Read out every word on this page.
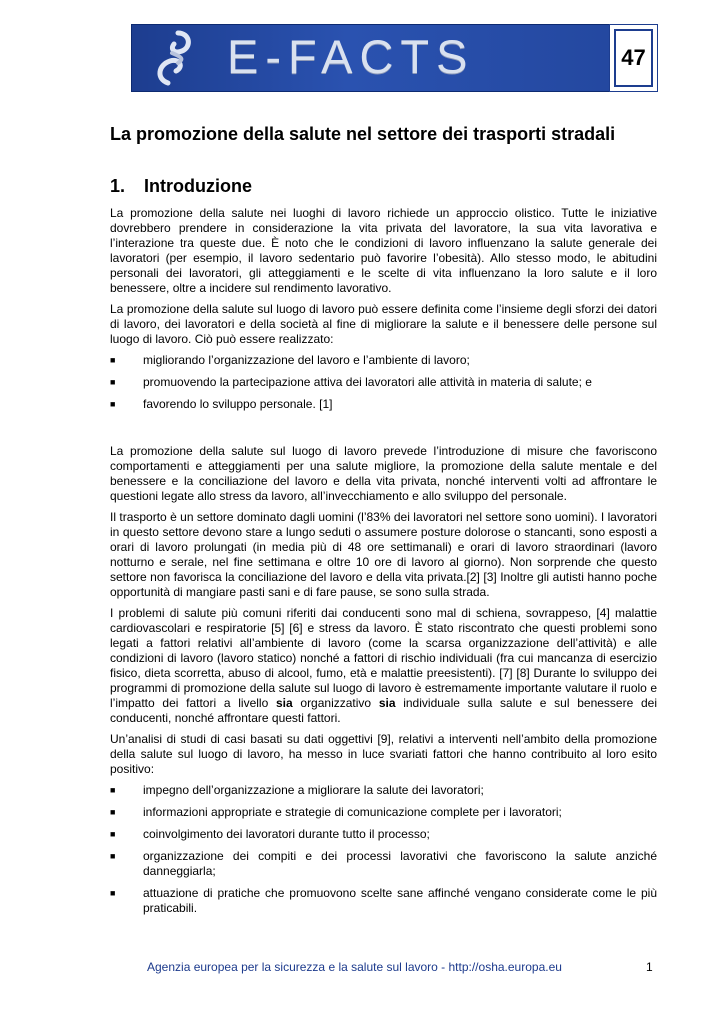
E-FACTS	47
La promozione della salute nel settore dei trasporti stradali
1. Introduzione

La promozione della salute nei luoghi di lavoro richiede un approccio olistico. Tutte le iniziative dovrebbero prendere in considerazione la vita privata del lavoratore, la sua vita lavorativa e l’interazione tra queste due. È noto che le condizioni di lavoro influenzano la salute generale dei lavoratori (per esempio, il lavoro sedentario può favorire l’obesità). Allo stesso modo, le abitudini personali dei lavoratori, gli atteggiamenti e le scelte di vita influenzano la loro salute e il loro benessere, oltre a incidere sul rendimento lavorativo.

La promozione della salute sul luogo di lavoro può essere definita come l’insieme degli sforzi dei datori di lavoro, dei lavoratori e della società al fine di migliorare la salute e il benessere delle persone sul luogo di lavoro. Ciò può essere realizzato:

■ migliorando l’organizzazione del lavoro e l’ambiente di lavoro;
■ promuovendo la partecipazione attiva dei lavoratori alle attività in materia di salute; e
■ favorendo lo sviluppo personale. [1]

La promozione della salute sul luogo di lavoro prevede l’introduzione di misure che favoriscono comportamenti e atteggiamenti per una salute migliore, la promozione della salute mentale e del benessere e la conciliazione del lavoro e della vita privata, nonché interventi volti ad affrontare le questioni legate allo stress da lavoro, all’invecchiamento e allo sviluppo del personale.

Il trasporto è un settore dominato dagli uomini (l’83% dei lavoratori nel settore sono uomini). I lavoratori in questo settore devono stare a lungo seduti o assumere posture dolorose o stancanti, sono esposti a orari di lavoro prolungati (in media più di 48 ore settimanali) e orari di lavoro straordinari (lavoro notturno e serale, nel fine settimana e oltre 10 ore di lavoro al giorno). Non sorprende che questo settore non favorisca la conciliazione del lavoro e della vita privata.[2] [3] Inoltre gli autisti hanno poche opportunità di mangiare pasti sani e di fare pause, se sono sulla strada.

I problemi di salute più comuni riferiti dai conducenti sono mal di schiena, sovrappeso, [4] malattie cardiovascolari e respiratorie [5] [6] e stress da lavoro. È stato riscontrato che questi problemi sono legati a fattori relativi all’ambiente di lavoro (come la scarsa organizzazione dell’attività) e alle condizioni di lavoro (lavoro statico) nonché a fattori di rischio individuali (fra cui mancanza di esercizio fisico, dieta scorretta, abuso di alcool, fumo, età e malattie preesistenti). [7] [8] Durante lo sviluppo dei programmi di promozione della salute sul luogo di lavoro è estremamente importante valutare il ruolo e l’impatto dei fattori a livello sia organizzativo sia individuale sulla salute e sul benessere dei conducenti, nonché affrontare questi fattori.

Un’analisi di studi di casi basati su dati oggettivi [9], relativi a interventi nell’ambito della promozione della salute sul luogo di lavoro, ha messo in luce svariati fattori che hanno contribuito al loro esito positivo:

■ impegno dell’organizzazione a migliorare la salute dei lavoratori;
■ informazioni appropriate e strategie di comunicazione complete per i lavoratori;
■ coinvolgimento dei lavoratori durante tutto il processo;
■ organizzazione dei compiti e dei processi lavorativi che favoriscono la salute anziché danneggiarla;
■ attuazione di pratiche che promuovono scelte sane affinché vengano considerate come le più praticabili.
Agenzia europea per la sicurezza e la salute sul lavoro - http://osha.europa.eu	1
